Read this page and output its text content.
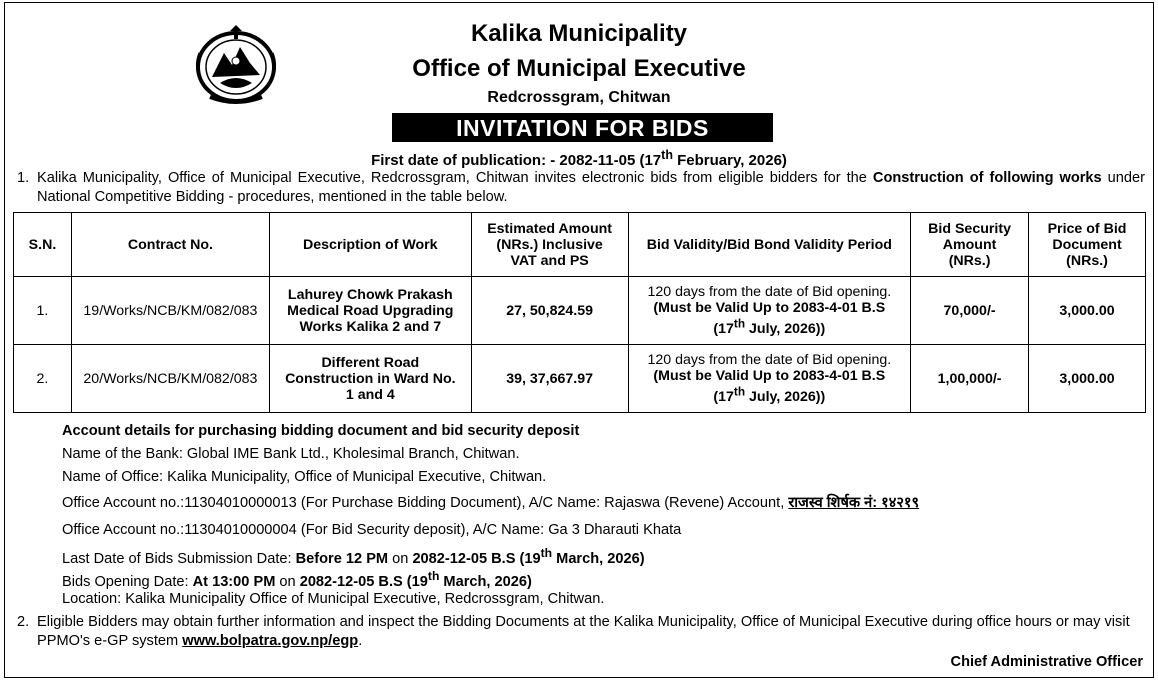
Kalika Municipality
Office of Municipal Executive
Redcrossgram, Chitwan
INVITATION FOR BIDS
First date of publication: - 2082-11-05 (17th February, 2026)
1. Kalika Municipality, Office of Municipal Executive, Redcrossgram, Chitwan invites electronic bids from eligible bidders for the Construction of following works under National Competitive Bidding - procedures, mentioned in the table below.
S.N.	Contract No.	Description of Work	Estimated Amount
(NRs.) Inclusive
VAT and PS	Bid Validity/Bid Bond Validity Period	Bid Security
Amount
(NRs.)	Price of Bid
Document
(NRs.)
1.	19/Works/NCB/KM/082/083	Lahurey Chowk Prakash
Medical Road Upgrading
Works Kalika 2 and 7	27, 50,824.59	120 days from the date of Bid opening.
(Must be Valid Up to 2083-4-01 B.S
(17th July, 2026))	70,000/-	3,000.00
2.	20/Works/NCB/KM/082/083	Different Road
Construction in Ward No.
1 and 4	39, 37,667.97	120 days from the date of Bid opening.
(Must be Valid Up to 2083-4-01 B.S
(17th July, 2026))	1,00,000/-	3,000.00
Account details for purchasing bidding document and bid security deposit
Name of the Bank: Global IME Bank Ltd., Kholesimal Branch, Chitwan.
Name of Office: Kalika Municipality, Office of Municipal Executive, Chitwan.
Office Account no.:11304010000013 (For Purchase Bidding Document), A/C Name: Rajaswa (Revene) Account, राजस्व शिर्षक नं: १४२१९
Office Account no.:11304010000004 (For Bid Security deposit), A/C Name: Ga 3 Dharauti Khata
Last Date of Bids Submission Date: Before 12 PM on 2082-12-05 B.S (19th March, 2026)
Bids Opening Date: At 13:00 PM on 2082-12-05 B.S (19th March, 2026)
Location: Kalika Municipality Office of Municipal Executive, Redcrossgram, Chitwan.
2. Eligible Bidders may obtain further information and inspect the Bidding Documents at the Kalika Municipality, Office of Municipal Executive during office hours or may visit PPMO's e-GP system www.bolpatra.gov.np/egp.
Chief Administrative Officer
